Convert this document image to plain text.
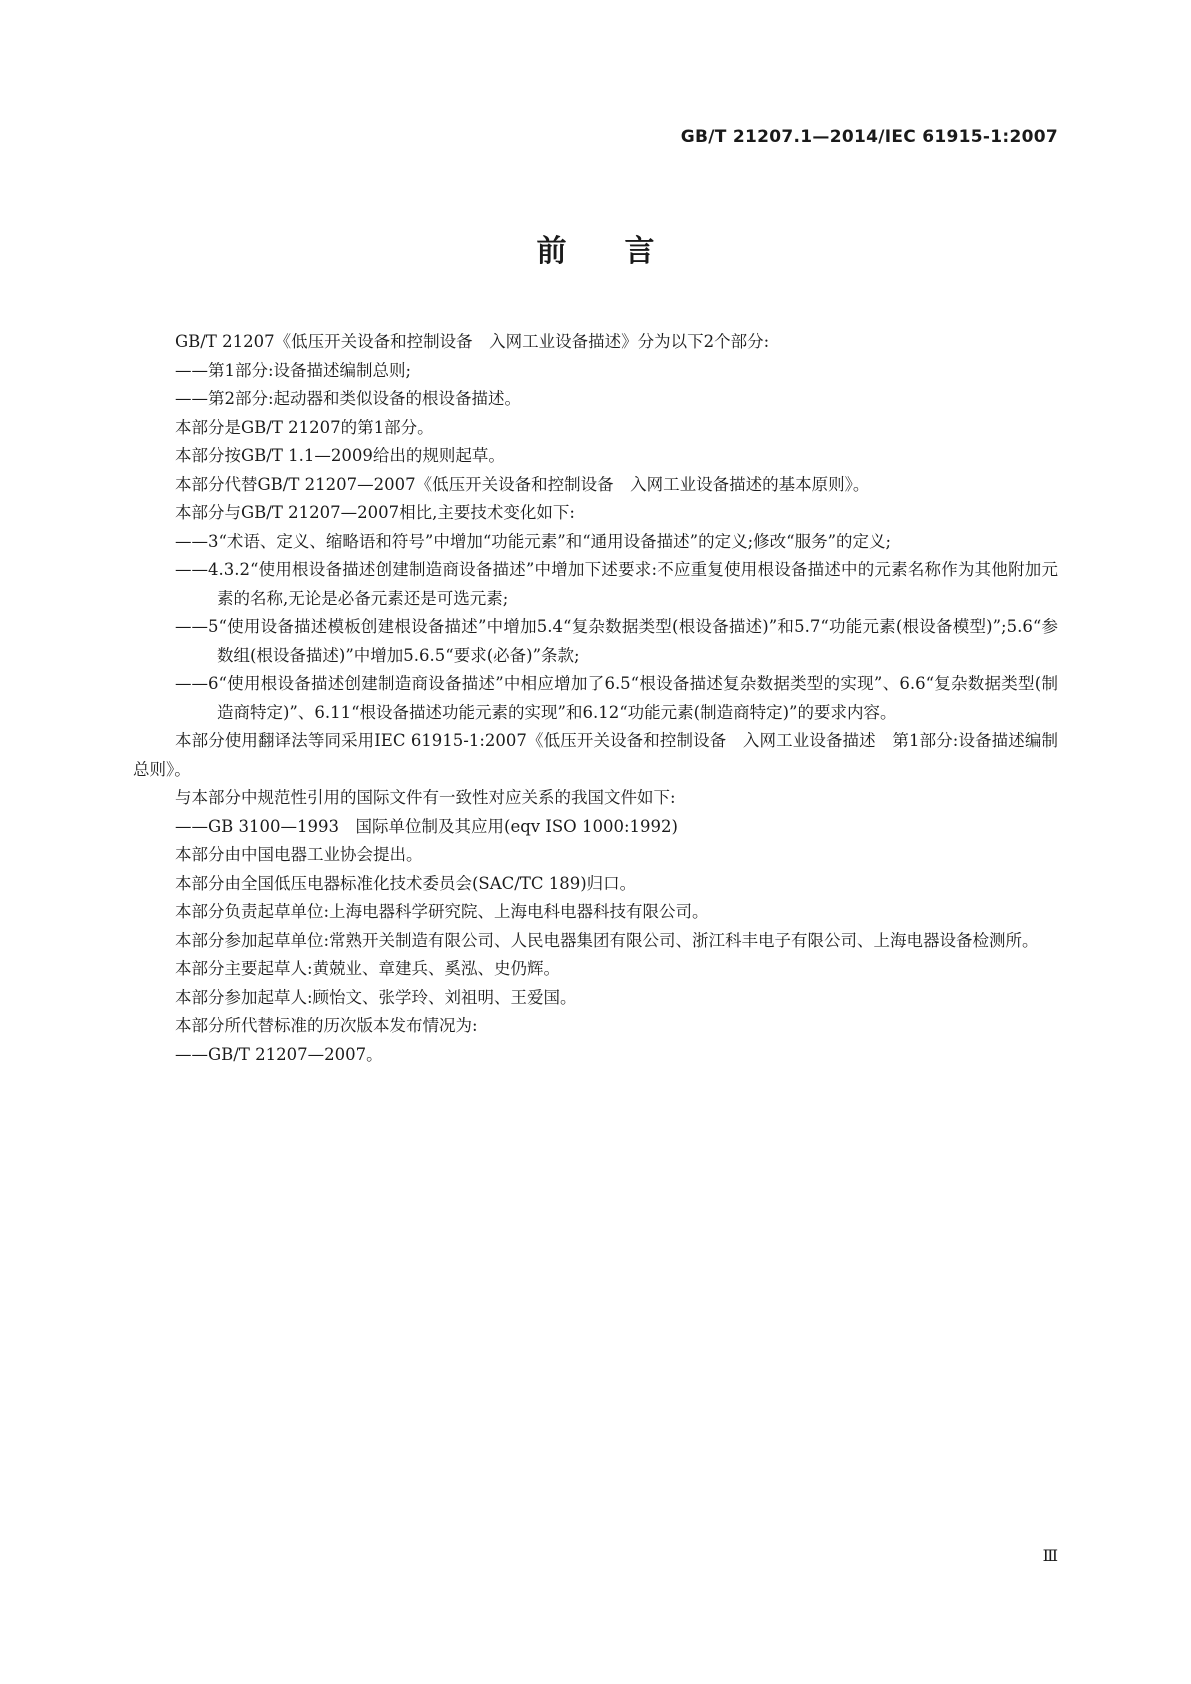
GB/T 21207.1—2014/IEC 61915-1:2007
前 言

GB/T 21207《低压开关设备和控制设备　入网工业设备描述》分为以下2个部分:

——第1部分:设备描述编制总则;

——第2部分:起动器和类似设备的根设备描述。

本部分是GB/T 21207的第1部分。

本部分按GB/T 1.1—2009给出的规则起草。

本部分代替GB/T 21207—2007《低压开关设备和控制设备　入网工业设备描述的基本原则》。

本部分与GB/T 21207—2007相比,主要技术变化如下:

——3“术语、定义、缩略语和符号”中增加“功能元素”和“通用设备描述”的定义;修改“服务”的定义;

——4.3.2“使用根设备描述创建制造商设备描述”中增加下述要求:不应重复使用根设备描述中的元素名称作为其他附加元素的名称,无论是必备元素还是可选元素;

——5“使用设备描述模板创建根设备描述”中增加5.4“复杂数据类型(根设备描述)”和5.7“功能元素(根设备模型)”;5.6“参数组(根设备描述)”中增加5.6.5“要求(必备)”条款;

——6“使用根设备描述创建制造商设备描述”中相应增加了6.5“根设备描述复杂数据类型的实现”、6.6“复杂数据类型(制造商特定)”、6.11“根设备描述功能元素的实现”和6.12“功能元素(制造商特定)”的要求内容。

本部分使用翻译法等同采用IEC 61915-1:2007《低压开关设备和控制设备　入网工业设备描述　第1部分:设备描述编制总则》。

与本部分中规范性引用的国际文件有一致性对应关系的我国文件如下:

——GB 3100—1993　国际单位制及其应用(eqv ISO 1000:1992)

本部分由中国电器工业协会提出。

本部分由全国低压电器标准化技术委员会(SAC/TC 189)归口。

本部分负责起草单位:上海电器科学研究院、上海电科电器科技有限公司。

本部分参加起草单位:常熟开关制造有限公司、人民电器集团有限公司、浙江科丰电子有限公司、上海电器设备检测所。

本部分主要起草人:黄兢业、章建兵、奚泓、史仍辉。

本部分参加起草人:顾怡文、张学玲、刘祖明、王爱国。

本部分所代替标准的历次版本发布情况为:

——GB/T 21207—2007。

Ⅲ
